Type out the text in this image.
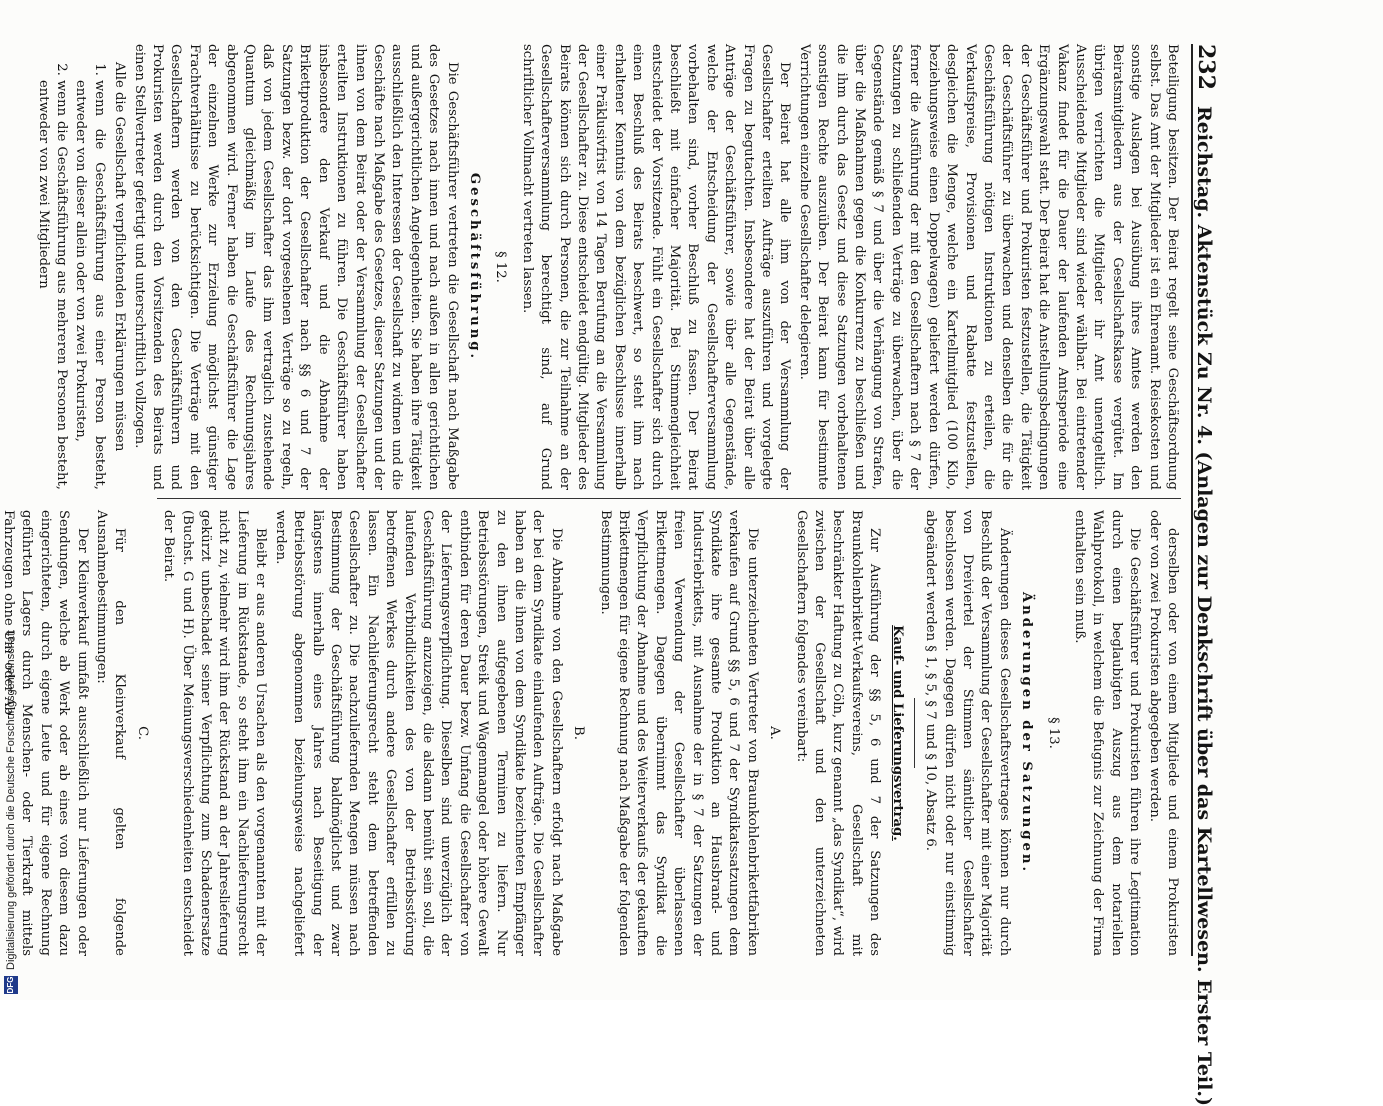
232
Reichstag. Aktenstück Zu Nr. 4. (Anlagen zur Denkschrift über das Kartellwesen. Erster Teil.)

Beteiligung besitzen. Der Beirat regelt seine Geschäftsordnung selbst. Das Amt der Mitglieder ist ein Ehrenamt. Reisekosten und sonstige Auslagen bei Ausübung ihres Amtes werden den Beiratsmitgliedern aus der Gesellschaftskasse vergütet. Im übrigen verrichten die Mitglieder ihr Amt unentgeltlich. Ausscheidende Mitglieder sind wieder wählbar. Bei eintretender Vakanz findet für die Dauer der laufenden Amtsperiode eine Ergänzungswahl statt. Der Beirat hat die Anstellungsbedingungen der Geschäftsführer und Prokuristen festzustellen, die Tätigkeit der Geschäftsführer zu überwachen und denselben die für die Geschäftsführung nötigen Instruktionen zu erteilen, die Verkaufspreise, Provisionen und Rabatte festzustellen, desgleichen die Menge, welche ein Kartellmitglied (100 Kilo, beziehungsweise einen Doppelwagen) geliefert werden dürfen, ferner die Ausführung der mit den Gesellschaftern nach § 7 der Satzungen zu schließenden Verträge zu überwachen, über die Gegenstände gemäß § 7 und über die Verhängung von Strafen, über die Maßnahmen gegen die Konkurrenz zu beschließen und die ihm durch das Gesetz und diese Satzungen vorbehaltenen sonstigen Rechte auszuüben. Der Beirat kann für bestimmte Verrichtungen einzelne Gesellschafter delegieren.

Der Beirat hat alle ihm von der Versammlung der Gesellschafter erteilten Aufträge auszuführen und vorgelegte Fragen zu begutachten. Insbesondere hat der Beirat über alle Anträge der Geschäftsführer, sowie über alle Gegenstände, welche der Entscheidung der Gesellschafterversammlung vorbehalten sind, vorher Beschluß zu fassen. Der Beirat beschließt mit einfacher Majorität. Bei Stimmengleichheit entscheidet der Vorsitzende. Fühlt ein Gesellschafter sich durch einen Beschluß des Beirats beschwert, so steht ihm nach erhaltener Kenntnis von dem bezüglichen Beschlusse innerhalb einer Präklusivfrist von 14 Tagen Berufung an die Versammlung der Gesellschafter zu. Diese entscheidet endgültig. Mitglieder des Beirats können sich durch Personen, die zur Teilnahme an der Gesellschafterversammlung berechtigt sind, auf Grund schriftlicher Vollmacht vertreten lassen.

§ 12.
Geschäftsführung.

Die Geschäftsführer vertreten die Gesellschaft nach Maßgabe des Gesetzes nach innen und nach außen in allen gerichtlichen und außergerichtlichen Angelegenheiten. Sie haben ihre Tätigkeit ausschließlich den Interessen der Gesellschaft zu widmen und die Geschäfte nach Maßgabe des Gesetzes, dieser Satzungen und der ihnen von dem Beirat oder der Versammlung der Gesellschafter erteilten Instruktionen zu führen. Die Geschäftsführer haben insbesondere den Verkauf und die Abnahme der Brikettproduktion der Gesellschafter nach §§ 6 und 7 der Satzungen bezw. der dort vorgesehenen Verträge so zu regeln, daß von jedem Gesellschafter das ihm vertraglich zustehende Quantum gleichmäßig im Laufe des Rechnungsjahres abgenommen wird. Ferner haben die Geschäftsführer die Lage der einzelnen Werke zur Erzielung möglichst günstiger Frachtverhältnisse zu berücksichtigen. Die Verträge mit den Gesellschaftern werden von den Geschäftsführern und Prokuristen werden durch den Vorsitzenden des Beirats und einen Stellvertreter gefertigt und unterschriftlich vollzogen.

Alle die Gesellschaft verpflichtenden Erklärungen müssen

1. wenn die Geschäftsführung aus einer Person besteht, entweder von dieser allein oder von zwei Prokuristen,
2. wenn die Geschäftsführung aus mehreren Personen besteht, entweder von zwei Mitgliedern

derselben oder von einem Mitgliede und einem Prokuristen oder von zwei Prokuristen abgegeben werden.

Die Geschäftsführer und Prokuristen führen ihre Legitimation durch einen beglaubigten Auszug aus dem notariellen Wahlprotokoll, in welchem die Befugnis zur Zeichnung der Firma enthalten sein muß.

§ 13.
Änderungen der Satzungen.

Änderungen dieses Gesellschaftsvertrages können nur durch Beschluß der Versammlung der Gesellschafter mit einer Majorität von Dreiviertel der Stimmen sämtlicher Gesellschafter beschlossen werden. Dagegen dürfen nicht oder nur einstimmig abgeändert werden § 1, § 5, § 7 und § 10, Absatz 6.

Kauf- und Lieferungsvertrag.

Zur Ausführung der §§ 5, 6 und 7 der Satzungen des Braunkohlenbrikett-Verkaufsvereins, Gesellschaft mit beschränkter Haftung zu Cöln, kurz genannt „das Syndikat“, wird zwischen der Gesellschaft und den unterzeichneten Gesellschaftern folgendes vereinbart:

A.

Die unterzeichneten Vertreter von Braunkohlenbrikettfabriken verkaufen auf Grund §§ 5, 6 und 7 der Syndikatssatzungen dem Syndikate ihre gesamte Produktion an Hausbrand- und Industriebriketts, mit Ausnahme der in § 7 der Satzungen der freien Verwendung der Gesellschafter überlassenen Brikettmengen. Dagegen übernimmt das Syndikat die Verpflichtung der Abnahme und des Weiterverkaufs der gekauften Brikettmengen für eigene Rechnung nach Maßgabe der folgenden Bestimmungen.

B.

Die Abnahme von den Gesellschaftern erfolgt nach Maßgabe der bei dem Syndikate einlaufenden Aufträge. Die Gesellschafter haben an die ihnen von dem Syndikate bezeichneten Empfänger zu den ihnen aufgegebenen Terminen zu liefern. Nur Betriebsstörungen, Streik und Wagenmangel oder höhere Gewalt entbinden für deren Dauer bezw. Umfang die Gesellschafter von der Lieferungsverpflichtung. Dieselben sind unverzüglich der Geschäftsführung anzuzeigen, die alsdann bemüht sein soll, die laufenden Verbindlichkeiten des von der Betriebsstörung betroffenen Werkes durch andere Gesellschafter erfüllen zu lassen. Ein Nachlieferungsrecht steht dem betreffenden Gesellschafter zu. Die nachzuliefernden Mengen müssen nach Bestimmung der Geschäftsführung baldmöglichst und zwar längstens innerhalb eines Jahres nach Beseitigung der Betriebsstörung abgenommen beziehungsweise nachgeliefert werden.

Bleibt er aus anderen Ursachen als den vorgenannten mit der Lieferung im Rückstande, so steht ihm ein Nachlieferungsrecht nicht zu, vielmehr wird ihm der Rückstand an der Jahreslieferung gekürzt unbeschadet seiner Verpflichtung zum Schadenersatze (Buchst. G und H). Über Meinungsverschiedenheiten entscheidet der Beirat.

C.

Für den Kleinverkauf gelten folgende Ausnahmebestimmungen:

Der Kleinverkauf umfaßt ausschließlich nur Lieferungen oder Sendungen, welche ab Werk oder ab eines von diesem dazu eingerichteten, durch eigene Leute und für eigene Rechnung geführten Lagers durch Menschen- oder Tierkraft mittels Fahrzeugen ohne Um- oder Ab-

DFG
Digitalisierung gefördert durch die Deutsche Forschungsgemeinschaft
